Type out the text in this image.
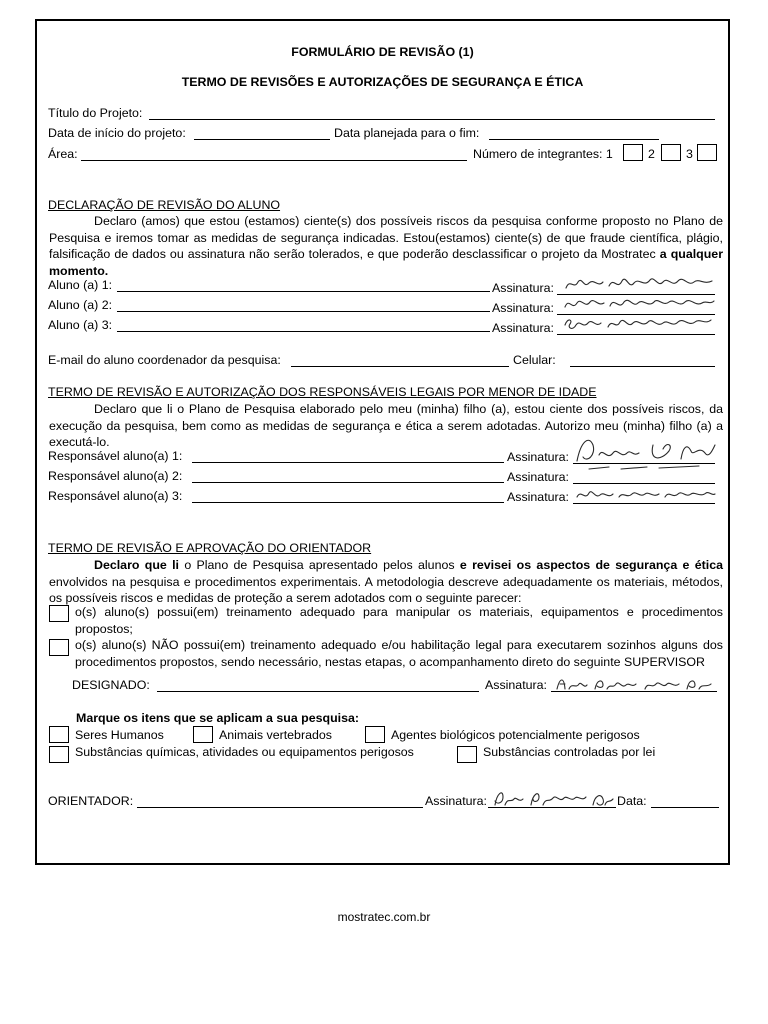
FORMULÁRIO DE REVISÃO (1)
TERMO DE REVISÕES E AUTORIZAÇÕES DE SEGURANÇA E ÉTICA
Título do Projeto:
Data de início do projeto:	Data planejada para o fim:
Área:	Número de integrantes: 1	2	3
DECLARAÇÃO DE REVISÃO DO ALUNO
Declaro (amos) que estou (estamos) ciente(s) dos possíveis riscos da pesquisa conforme proposto no Plano de Pesquisa e iremos tomar as medidas de segurança indicadas. Estou(estamos) ciente(s) de que fraude científica, plágio, falsificação de dados ou assinatura não serão tolerados, e que poderão desclassificar o projeto da Mostratec a qualquer momento.
Aluno (a) 1:	Assinatura:
Aluno (a) 2:	Assinatura:
Aluno (a) 3:	Assinatura:
E-mail do aluno coordenador da pesquisa:	Celular:
TERMO DE REVISÃO E AUTORIZAÇÃO DOS RESPONSÁVEIS LEGAIS POR MENOR DE IDADE
Declaro que li o Plano de Pesquisa elaborado pelo meu (minha) filho (a), estou ciente dos possíveis riscos, da execução da pesquisa, bem como as medidas de segurança e ética a serem adotadas. Autorizo meu (minha) filho (a) a executá-lo.
Responsável aluno(a) 1:	Assinatura:
Responsável aluno(a) 2:	Assinatura:
Responsável aluno(a) 3:	Assinatura:
TERMO DE REVISÃO E APROVAÇÃO DO ORIENTADOR
Declaro que li o Plano de Pesquisa apresentado pelos alunos e revisei os aspectos de segurança e ética envolvidos na pesquisa e procedimentos experimentais. A metodologia descreve adequadamente os materiais, métodos, os possíveis riscos e medidas de proteção a serem adotados com o seguinte parecer:
o(s) aluno(s) possui(em) treinamento adequado para manipular os materiais, equipamentos e procedimentos propostos;
o(s) aluno(s) NÃO possui(em) treinamento adequado e/ou habilitação legal para executarem sozinhos alguns dos procedimentos propostos, sendo necessário, nestas etapas, o acompanhamento direto do seguinte SUPERVISOR
DESIGNADO:	Assinatura:
Marque os itens que se aplicam a sua pesquisa:
Seres Humanos	Animais vertebrados	Agentes biológicos potencialmente perigosos
Substâncias químicas, atividades ou equipamentos perigosos	Substâncias controladas por lei
ORIENTADOR:	Assinatura:	Data:
mostratec.com.br
